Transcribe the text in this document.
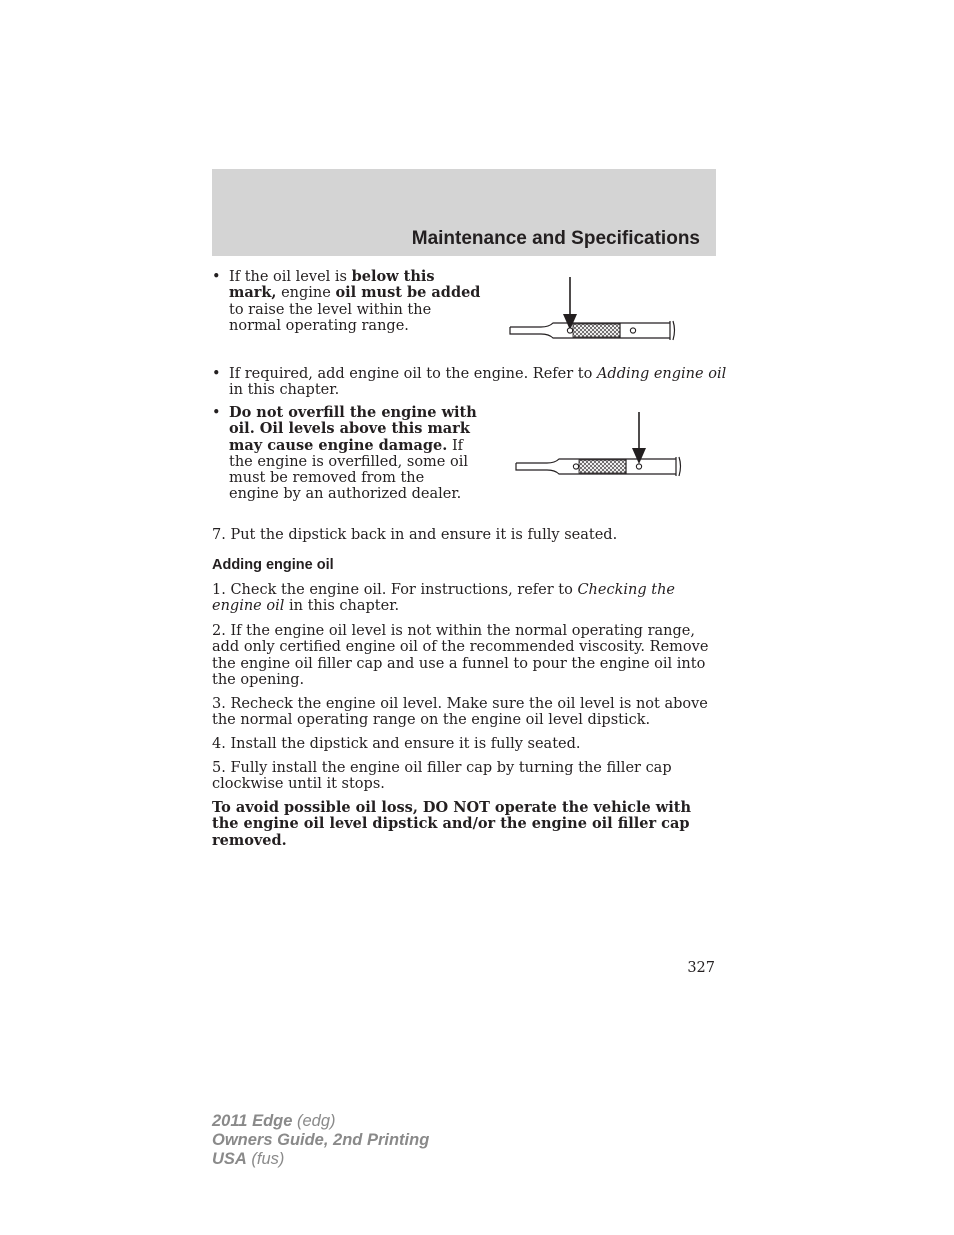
Maintenance and Specifications
• If the oil level is below this mark, engine oil must be added to raise the level within the normal operating range.
• If required, add engine oil to the engine. Refer to Adding engine oil in this chapter.
• Do not overfill the engine with oil. Oil levels above this mark may cause engine damage. If the engine is overfilled, some oil must be removed from the engine by an authorized dealer.
7. Put the dipstick back in and ensure it is fully seated.
Adding engine oil
1. Check the engine oil. For instructions, refer to Checking the engine oil in this chapter.
2. If the engine oil level is not within the normal operating range, add only certified engine oil of the recommended viscosity. Remove the engine oil filler cap and use a funnel to pour the engine oil into the opening.
3. Recheck the engine oil level. Make sure the oil level is not above the normal operating range on the engine oil level dipstick.
4. Install the dipstick and ensure it is fully seated.
5. Fully install the engine oil filler cap by turning the filler cap clockwise until it stops.
To avoid possible oil loss, DO NOT operate the vehicle with the engine oil level dipstick and/or the engine oil filler cap removed.
327
2011 Edge (edg)
Owners Guide, 2nd Printing
USA (fus)
